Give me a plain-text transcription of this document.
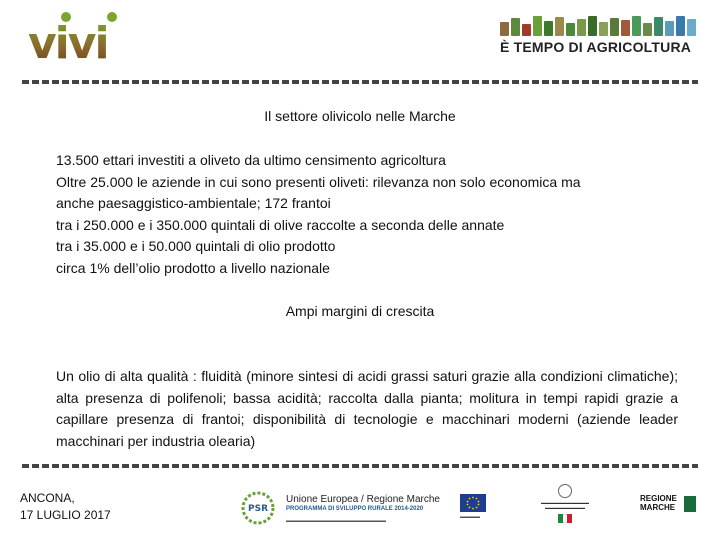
vivi	È TEMPO DI AGRICOLTURA
Il settore olivicolo nelle Marche
13.500 ettari investiti a oliveto da ultimo censimento agricoltura
Oltre 25.000 le aziende in cui sono presenti oliveti: rilevanza non solo economica ma
anche paesaggistico-ambientale; 172 frantoi
tra i 250.000 e i 350.000 quintali di olive raccolte a seconda delle annate
tra i 35.000 e i 50.000 quintali di olio prodotto
circa 1% dell’olio prodotto a livello nazionale
Ampi margini di crescita
Un olio di alta qualità : fluidità (minore sintesi di acidi grassi saturi grazie alla condizioni climatiche); alta presenza di polifenoli; bassa acidità; raccolta dalla pianta; molitura in tempi rapidi grazie a capillare presenza di frantoi; disponibilità di tecnologie e macchinari moderni (aziende leader macchinari per industria olearia)
ANCONA,
17 LUGLIO 2017	PSR
Unione Europea / Regione Marche
PROGRAMMA DI SVILUPPO RURALE 2014-2020
▬▬▬▬▬▬▬▬▬▬▬▬▬▬▬▬▬▬▬▬
▬▬▬▬
▬▬▬▬▬▬▬▬▬▬▬▬
▬▬▬▬▬▬▬▬▬▬
REGIONE
MARCHE
